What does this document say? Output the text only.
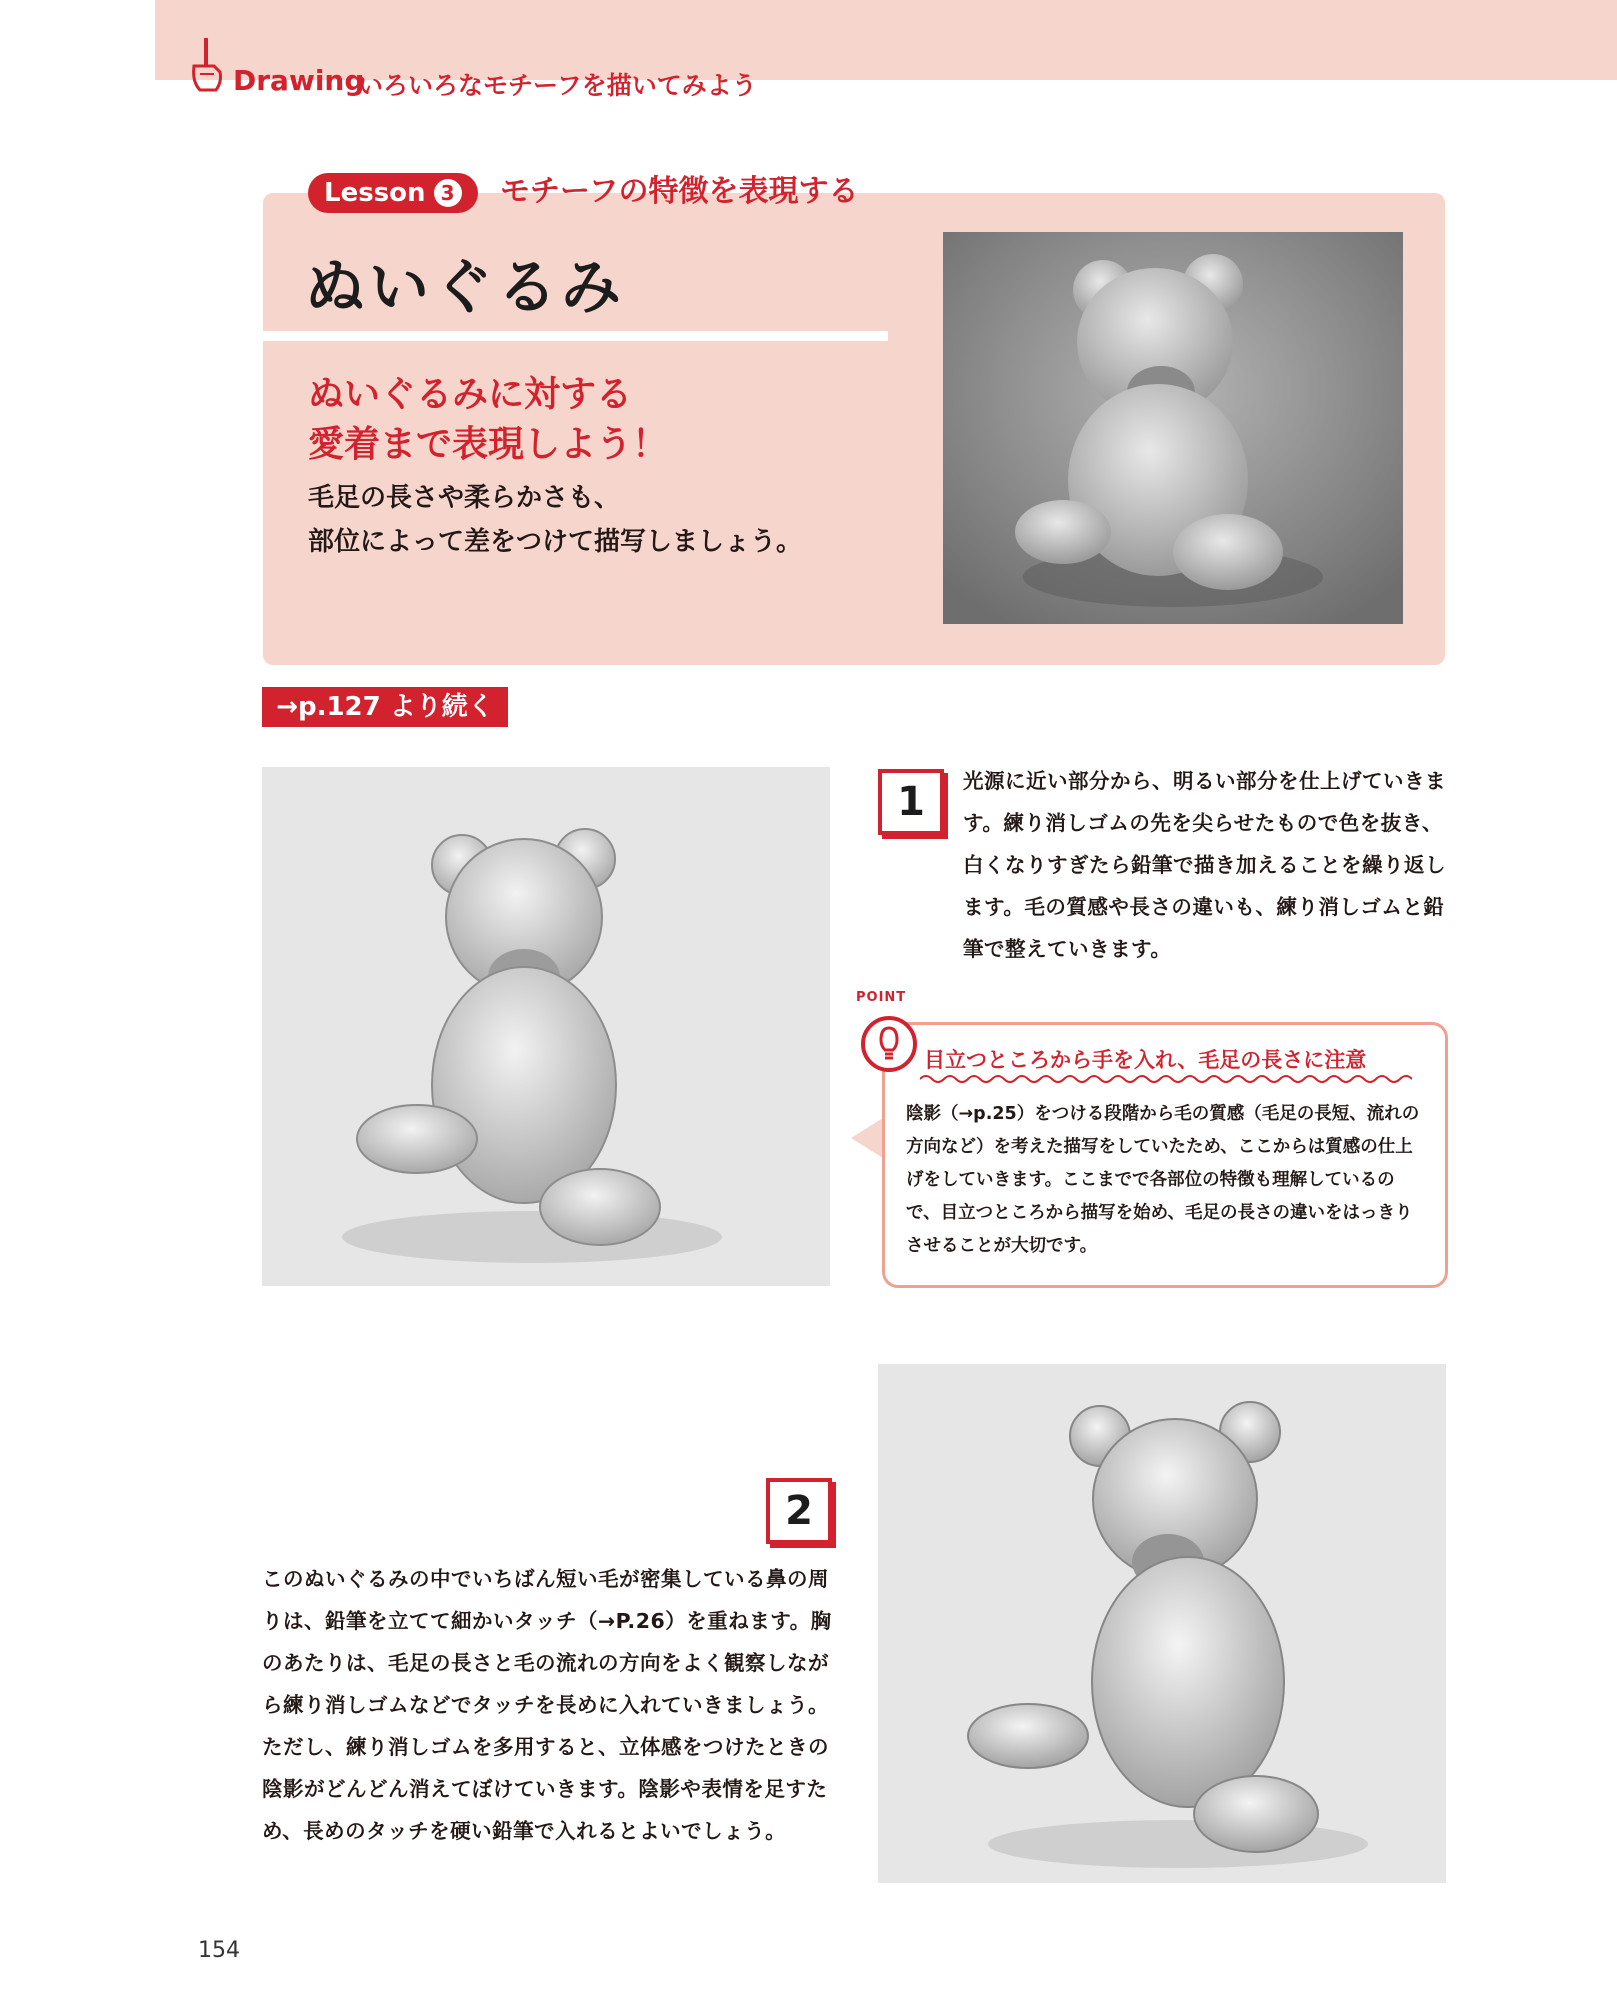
Drawing
いろいろなモチーフを描いてみよう
Lesson 3 モチーフの特徴を表現する
ぬいぐるみ
ぬいぐるみに対する
愛着まで表現しよう！
毛足の長さや柔らかさも、
部位によって差をつけて描写しましょう。
→p.127 より続く
1	光源に近い部分から、明るい部分を仕上げていきます。練り消しゴムの先を尖らせたもので色を抜き、白くなりすぎたら鉛筆で描き加えることを繰り返します。毛の質感や長さの違いも、練り消しゴムと鉛筆で整えていきます。
POINT
目立つところから手を入れ、毛足の長さに注意
陰影（→p.25）をつける段階から毛の質感（毛足の長短、流れの方向など）を考えた描写をしていたため、ここからは質感の仕上げをしていきます。ここまでで各部位の特徴も理解しているので、目立つところから描写を始め、毛足の長さの違いをはっきりさせることが大切です。
2
このぬいぐるみの中でいちばん短い毛が密集している鼻の周りは、鉛筆を立てて細かいタッチ（→P.26）を重ねます。胸のあたりは、毛足の長さと毛の流れの方向をよく観察しながら練り消しゴムなどでタッチを長めに入れていきましょう。ただし、練り消しゴムを多用すると、立体感をつけたときの陰影がどんどん消えてぼけていきます。陰影や表情を足すため、長めのタッチを硬い鉛筆で入れるとよいでしょう。
154
